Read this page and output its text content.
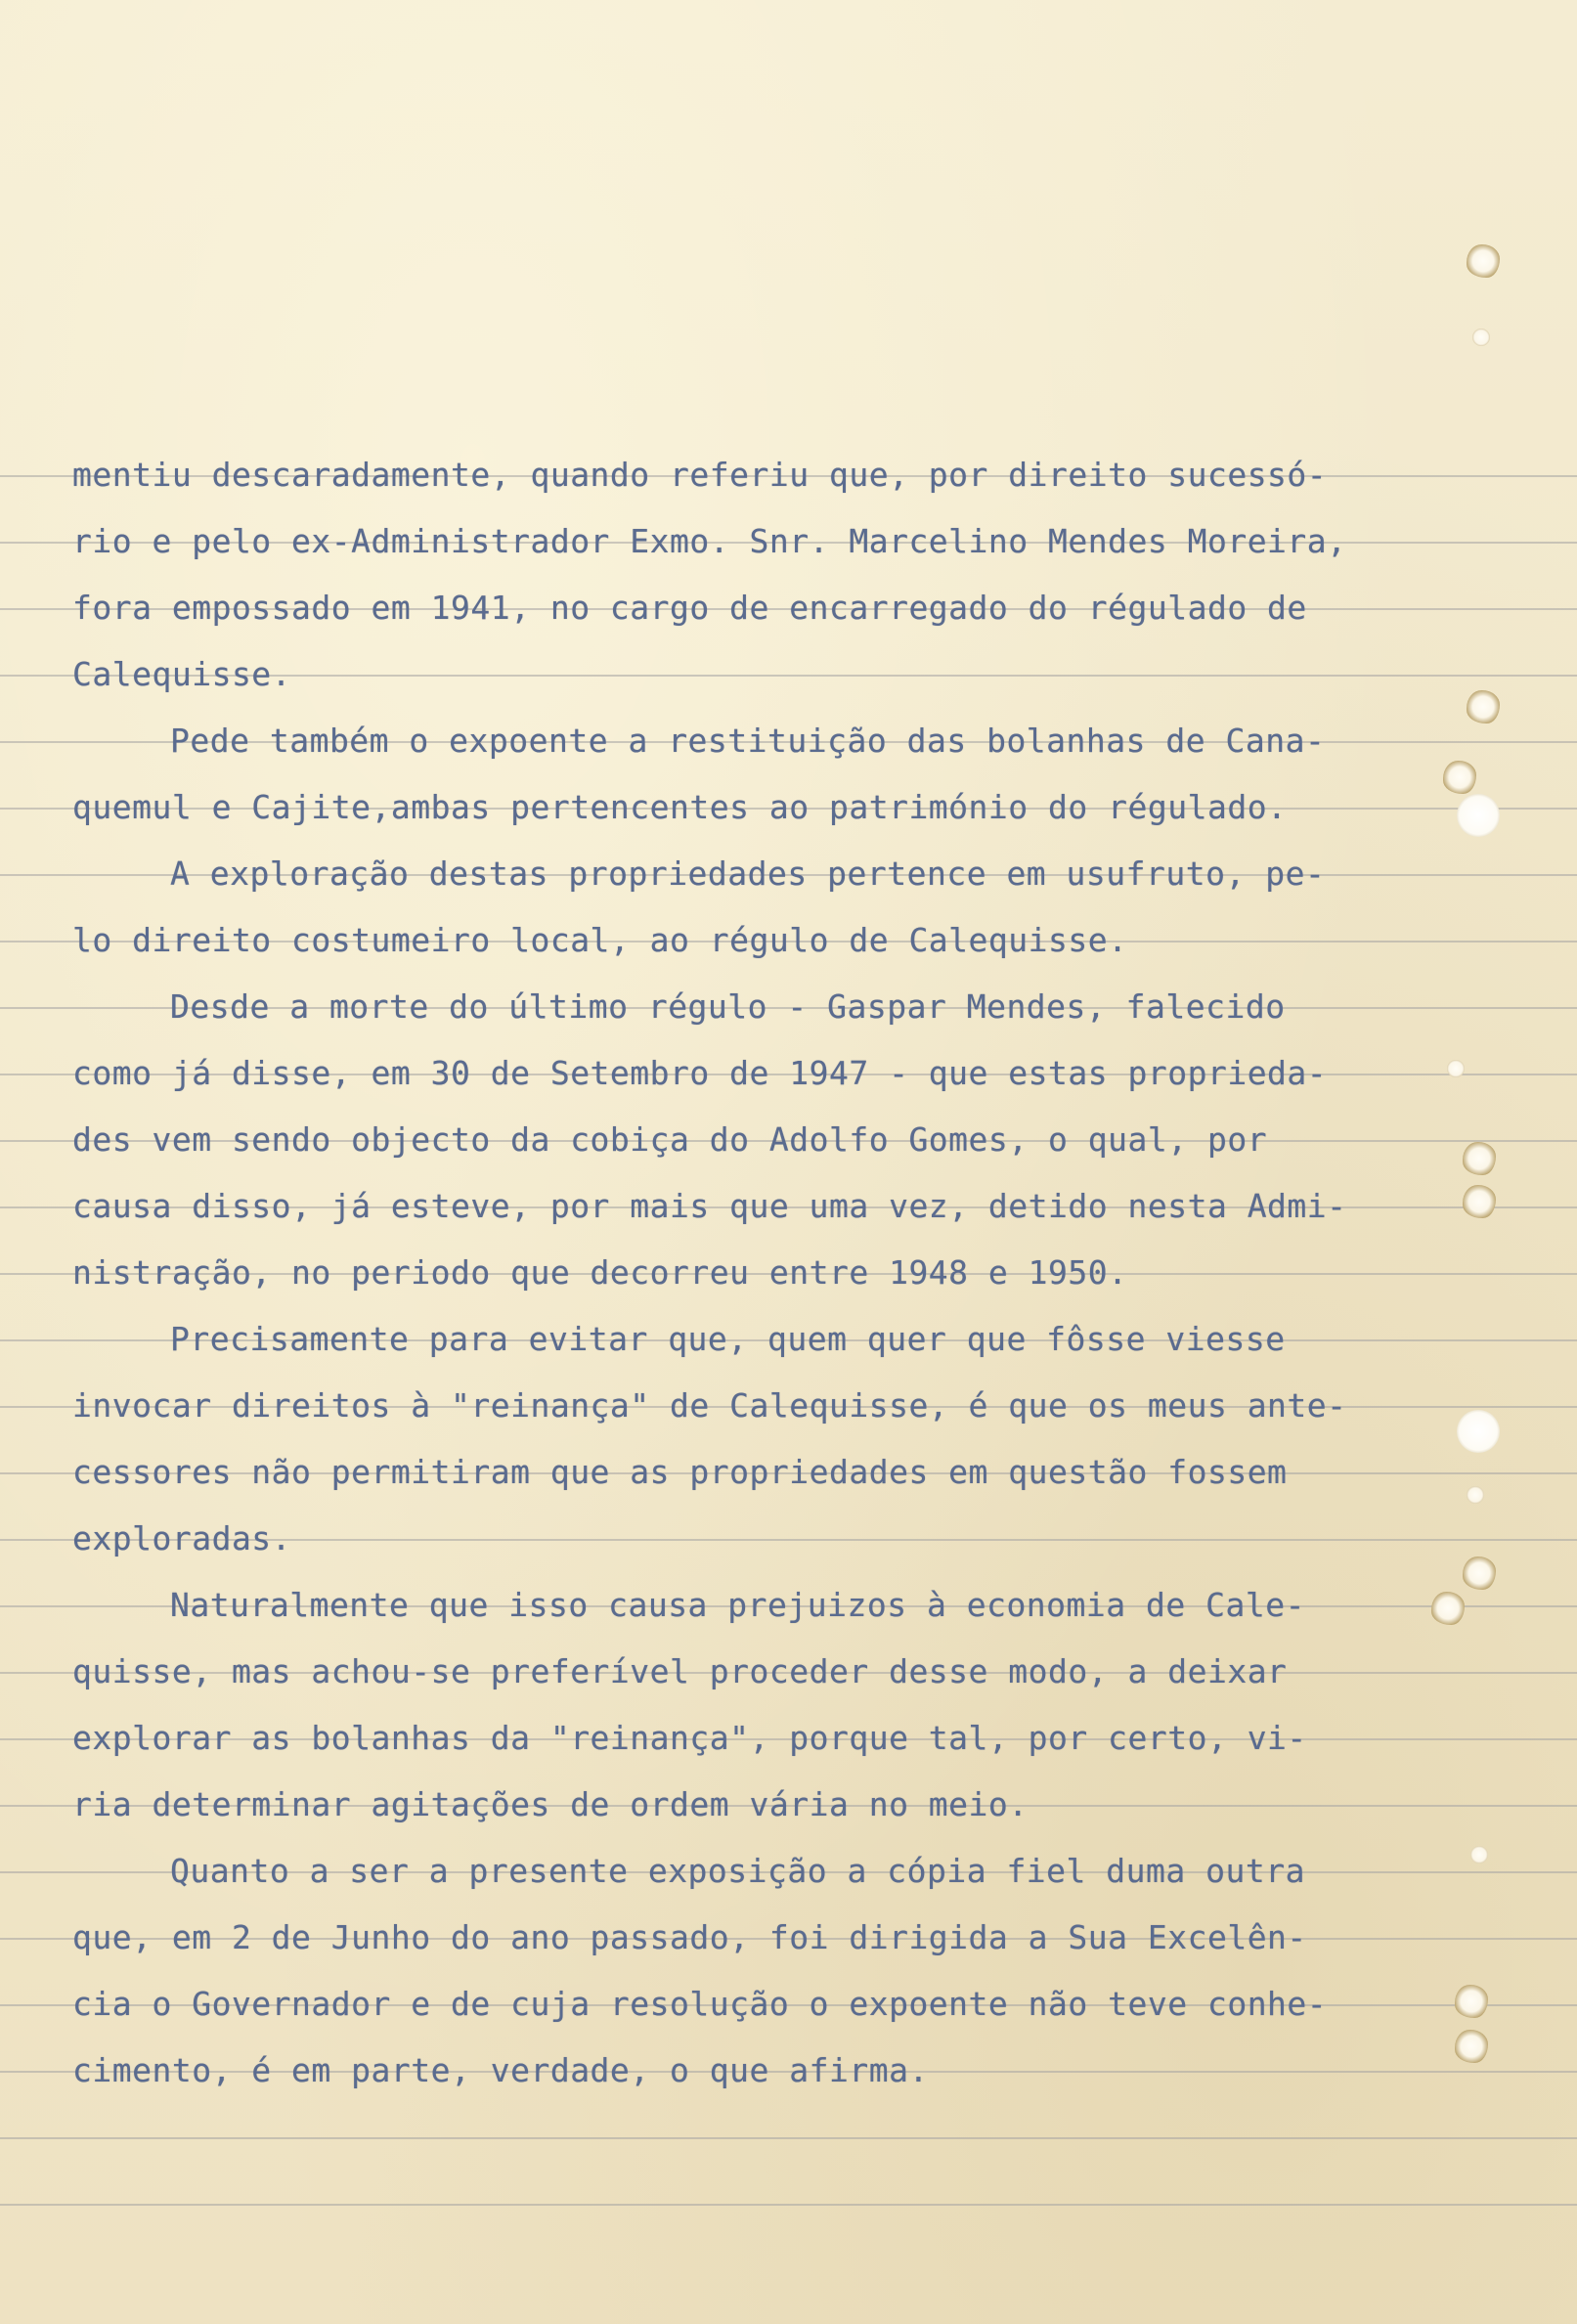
mentiu descaradamente, quando referiu que, por direito sucessó-
rio e pelo ex-Administrador Exmo. Snr. Marcelino Mendes Moreira,
fora empossado em 1941, no cargo de encarregado do régulado de
Calequisse.
Pede também o expoente a restituição das bolanhas de Cana-
quemul e Cajite,ambas pertencentes ao património do régulado.
A exploração destas propriedades pertence em usufruto, pe-
lo direito costumeiro local, ao régulo de Calequisse.
Desde a morte do último régulo - Gaspar Mendes, falecido
como já disse, em 30 de Setembro de 1947 - que estas proprieda-
des vem sendo objecto da cobiça do Adolfo Gomes, o qual, por
causa disso, já esteve, por mais que uma vez, detido nesta Admi-
nistração, no periodo que decorreu entre 1948 e 1950.
Precisamente para evitar que, quem quer que fôsse viesse
invocar direitos à "reinança" de Calequisse, é que os meus ante-
cessores não permitiram que as propriedades em questão fossem
exploradas.
Naturalmente que isso causa prejuizos à economia de Cale-
quisse, mas achou-se preferível proceder desse modo, a deixar
explorar as bolanhas da "reinança", porque tal, por certo, vi-
ria determinar agitações de ordem vária no meio.
Quanto a ser a presente exposição a cópia fiel duma outra
que, em 2 de Junho do ano passado, foi dirigida a Sua Excelên-
cia o Governador e de cuja resolução o expoente não teve conhe-
cimento, é em parte, verdade, o que afirma.
